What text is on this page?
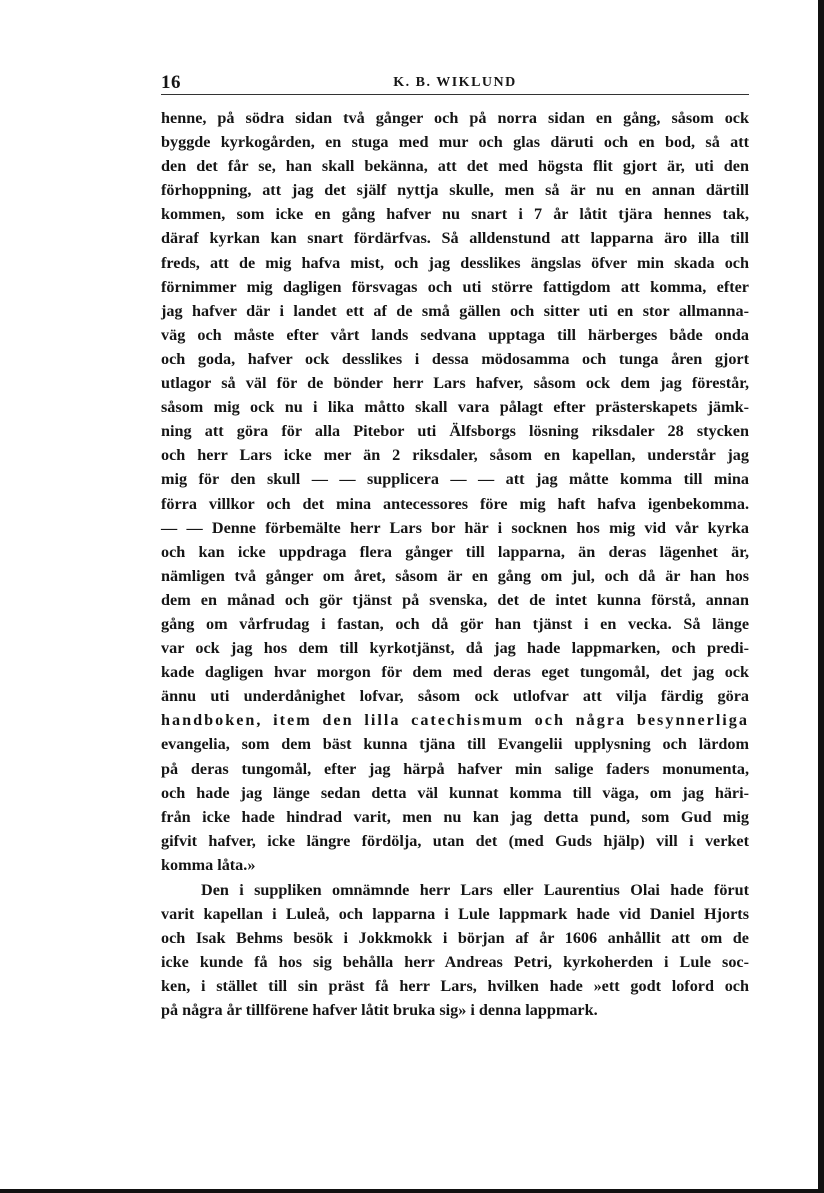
16	K. B. WIKLUND
henne, på södra sidan två gånger och på norra sidan en gång, såsom ock
byggde kyrkogården, en stuga med mur och glas däruti och en bod, så att
den det får se, han skall bekänna, att det med högsta flit gjort är, uti den
förhoppning, att jag det själf nyttja skulle, men så är nu en annan därtill
kommen, som icke en gång hafver nu snart i 7 år låtit tjära hennes tak,
däraf kyrkan kan snart fördärfvas. Så alldenstund att lapparna äro illa till
freds, att de mig hafva mist, och jag desslikes ängslas öfver min skada och
förnimmer mig dagligen försvagas och uti större fattigdom att komma, efter
jag hafver där i landet ett af de små gällen och sitter uti en stor allmanna-
väg och måste efter vårt lands sedvana upptaga till härberges både onda
och goda, hafver ock desslikes i dessa mödosamma och tunga åren gjort
utlagor så väl för de bönder herr Lars hafver, såsom ock dem jag förestår,
såsom mig ock nu i lika måtto skall vara pålagt efter prästerskapets jämk-
ning att göra för alla Pitebor uti Älfsborgs lösning riksdaler 28 stycken
och herr Lars icke mer än 2 riksdaler, såsom en kapellan, understår jag
mig för den skull — — supplicera — — att jag måtte komma till mina
förra villkor och det mina antecessores före mig haft hafva igenbekomma.
— — Denne förbemälte herr Lars bor här i socknen hos mig vid vår kyrka
och kan icke uppdraga flera gånger till lapparna, än deras lägenhet är,
nämligen två gånger om året, såsom är en gång om jul, och då är han hos
dem en månad och gör tjänst på svenska, det de intet kunna förstå, annan
gång om vårfrudag i fastan, och då gör han tjänst i en vecka. Så länge
var ock jag hos dem till kyrkotjänst, då jag hade lappmarken, och predi-
kade dagligen hvar morgon för dem med deras eget tungomål, det jag ock
ännu uti underdånighet lofvar, såsom ock utlofvar att vilja färdig göra
handboken, item den lilla catechismum och några besynnerliga
evangelia, som dem bäst kunna tjäna till Evangelii upplysning och lärdom
på deras tungomål, efter jag härpå hafver min salige faders monumenta,
och hade jag länge sedan detta väl kunnat komma till väga, om jag häri-
från icke hade hindrad varit, men nu kan jag detta pund, som Gud mig
gifvit hafver, icke längre fördölja, utan det (med Guds hjälp) vill i verket
komma låta.»
Den i suppliken omnämnde herr Lars eller Laurentius Olai hade förut
varit kapellan i Luleå, och lapparna i Lule lappmark hade vid Daniel Hjorts
och Isak Behms besök i Jokkmokk i början af år 1606 anhållit att om de
icke kunde få hos sig behålla herr Andreas Petri, kyrkoherden i Lule soc-
ken, i stället till sin präst få herr Lars, hvilken hade »ett godt loford och
på några år tillförene hafver låtit bruka sig» i denna lappmark.
